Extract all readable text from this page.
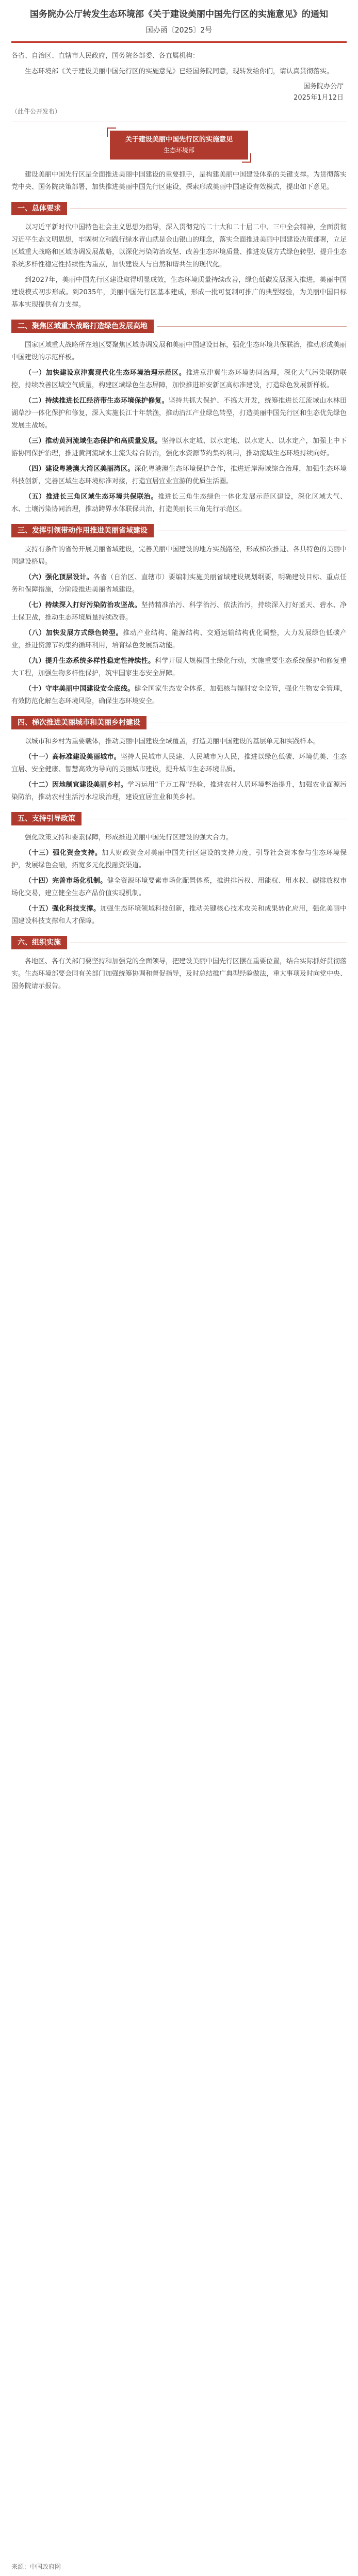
国务院办公厅转发生态环境部《关于建设美丽中国先行区的实施意见》的通知
国办函〔2025〕2号

各省、自治区、直辖市人民政府，国务院各部委、各直属机构：

生态环境部《关于建设美丽中国先行区的实施意见》已经国务院同意，现转发给你们，请认真贯彻落实。

国务院办公厅
2025年1月12日
（此件公开发布）
关于建设美丽中国先行区的实施意见
生态环境部

建设美丽中国先行区是全面推进美丽中国建设的重要抓手，是构建美丽中国建设体系的关键支撑。为贯彻落实党中央、国务院决策部署，加快推进美丽中国先行区建设，探索形成美丽中国建设有效模式，提出如下意见。

一、总体要求

以习近平新时代中国特色社会主义思想为指导，深入贯彻党的二十大和二十届二中、三中全会精神，全面贯彻习近平生态文明思想，牢固树立和践行绿水青山就是金山银山的理念，落实全面推进美丽中国建设决策部署，立足区域重大战略和区域协调发展战略，以深化污染防治攻坚、改善生态环境质量、推进发展方式绿色转型、提升生态系统多样性稳定性持续性为重点，加快建设人与自然和谐共生的现代化。

到2027年，美丽中国先行区建设取得明显成效，生态环境质量持续改善，绿色低碳发展深入推进，美丽中国建设模式初步形成。到2035年，美丽中国先行区基本建成，形成一批可复制可推广的典型经验，为美丽中国目标基本实现提供有力支撑。

二、聚焦区域重大战略打造绿色发展高地

国家区域重大战略所在地区要聚焦区域协调发展和美丽中国建设目标，强化生态环境共保联治，推动形成美丽中国建设的示范样板。

（一）加快建设京津冀现代化生态环境治理示范区。推进京津冀生态环境协同治理，深化大气污染联防联控，持续改善区域空气质量，构建区域绿色生态屏障，加快推进雄安新区高标准建设，打造绿色发展新样板。

（二）持续推进长江经济带生态环境保护修复。坚持共抓大保护、不搞大开发，统筹推进长江流域山水林田湖草沙一体化保护和修复，深入实施长江十年禁渔，推动沿江产业绿色转型，打造美丽中国先行区和生态优先绿色发展主战场。

（三）推动黄河流域生态保护和高质量发展。坚持以水定城、以水定地、以水定人、以水定产，加强上中下游协同保护治理，推进黄河流域水土流失综合防治，强化水资源节约集约利用，推动流域生态环境持续向好。

（四）建设粤港澳大湾区美丽湾区。深化粤港澳生态环境保护合作，推进近岸海域综合治理，加强生态环境科技创新，完善区域生态环境标准对接，打造宜居宜业宜游的优质生活圈。

（五）推进长三角区域生态环境共保联治。推进长三角生态绿色一体化发展示范区建设，深化区域大气、水、土壤污染协同治理，推动跨界水体联保共治，打造美丽长三角先行示范区。

三、发挥引领带动作用推进美丽省域建设

支持有条件的省份开展美丽省域建设，完善美丽中国建设的地方实践路径，形成梯次推进、各具特色的美丽中国建设格局。

（六）强化顶层设计。各省（自治区、直辖市）要编制实施美丽省域建设规划纲要，明确建设目标、重点任务和保障措施，分阶段推进美丽省域建设。

（七）持续深入打好污染防治攻坚战。坚持精准治污、科学治污、依法治污，持续深入打好蓝天、碧水、净土保卫战，推动生态环境质量持续改善。

（八）加快发展方式绿色转型。推动产业结构、能源结构、交通运输结构优化调整，大力发展绿色低碳产业，推进资源节约集约循环利用，培育绿色发展新动能。

（九）提升生态系统多样性稳定性持续性。科学开展大规模国土绿化行动，实施重要生态系统保护和修复重大工程，加强生物多样性保护，筑牢国家生态安全屏障。

（十）守牢美丽中国建设安全底线。健全国家生态安全体系，加强核与辐射安全监管，强化生物安全管理，有效防范化解生态环境风险，确保生态环境安全。

四、梯次推进美丽城市和美丽乡村建设

以城市和乡村为重要载体，推动美丽中国建设全域覆盖，打造美丽中国建设的基层单元和实践样本。

（十一）高标准建设美丽城市。坚持人民城市人民建、人民城市为人民，推进以绿色低碳、环境优美、生态宜居、安全健康、智慧高效为导向的美丽城市建设，提升城市生态环境品质。

（十二）因地制宜建设美丽乡村。学习运用“千万工程”经验，推进农村人居环境整治提升，加强农业面源污染防治，推动农村生活污水垃圾治理，建设宜居宜业和美乡村。

五、支持引导政策

强化政策支持和要素保障，形成推进美丽中国先行区建设的强大合力。

（十三）强化资金支持。加大财政资金对美丽中国先行区建设的支持力度，引导社会资本参与生态环境保护，发展绿色金融，拓宽多元化投融资渠道。

（十四）完善市场化机制。健全资源环境要素市场化配置体系，推进排污权、用能权、用水权、碳排放权市场化交易，建立健全生态产品价值实现机制。

（十五）强化科技支撑。加强生态环境领域科技创新，推动关键核心技术攻关和成果转化应用，强化美丽中国建设科技支撑和人才保障。

六、组织实施

各地区、各有关部门要坚持和加强党的全面领导，把建设美丽中国先行区摆在重要位置，结合实际抓好贯彻落实。生态环境部要会同有关部门加强统筹协调和督促指导，及时总结推广典型经验做法，重大事项及时向党中央、国务院请示报告。

来源：中国政府网
